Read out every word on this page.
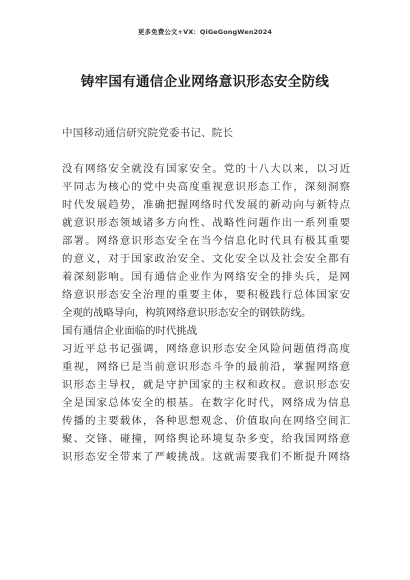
更多免费公文+VX：QiGeGongWen2024
铸牢国有通信企业网络意识形态安全防线
中国移动通信研究院党委书记、院长
没有网络安全就没有国家安全。党的十八大以来，以习近
平同志为核心的党中央高度重视意识形态工作，深刻洞察
时代发展趋势，准确把握网络时代发展的新动向与新特点
就意识形态领域诸多方向性、战略性问题作出一系列重要
部署。网络意识形态安全在当今信息化时代具有极其重要
的意义，对于国家政治安全、文化安全以及社会安全都有
着深刻影响。国有通信企业作为网络安全的排头兵，是网
络意识形态安全治理的重要主体，要积极践行总体国家安
全观的战略导向，构筑网络意识形态安全的钢铁防线。
国有通信企业面临的时代挑战
习近平总书记强调，网络意识形态安全风险问题值得高度
重视，网络已是当前意识形态斗争的最前沿，掌握网络意
识形态主导权，就是守护国家的主权和政权。意识形态安
全是国家总体安全的根基。在数字化时代，网络成为信息
传播的主要载体，各种思想观念、价值取向在网络空间汇
聚、交锋、碰撞，网络舆论环境复杂多变，给我国网络意
识形态安全带来了严峻挑战。这就需要我们不断提升网络
